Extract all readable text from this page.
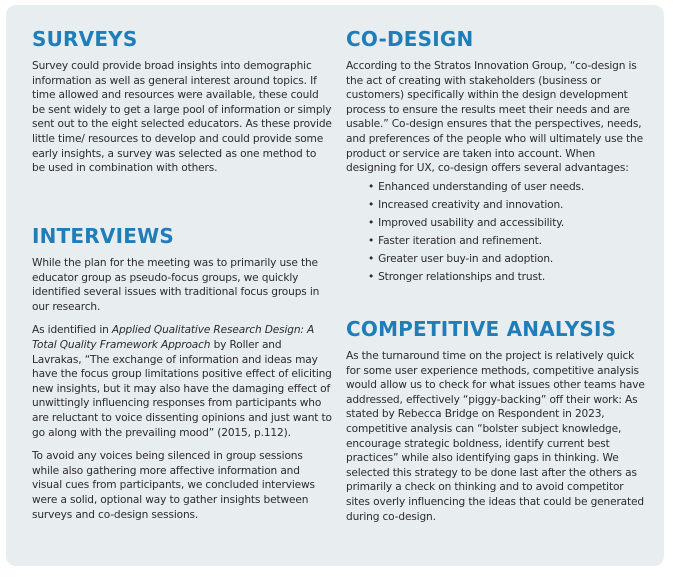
SURVEYS

Survey could provide broad insights into demographic information as well as general interest around topics. If time allowed and resources were available, these could be sent widely to get a large pool of information or simply sent out to the eight selected educators. As these provide little time/ resources to develop and could provide some early insights, a survey was selected as one method to be used in combination with others.

INTERVIEWS

While the plan for the meeting was to primarily use the educator group as pseudo-focus groups, we quickly identified several issues with traditional focus groups in our research.

As identified in Applied Qualitative Research Design: A Total Quality Framework Approach by Roller and Lavrakas, “The exchange of information and ideas may have the focus group limitations positive effect of eliciting new insights, but it may also have the damaging effect of unwittingly influencing responses from participants who are reluctant to voice dissenting opinions and just want to go along with the prevailing mood” (2015, p.112).

To avoid any voices being silenced in group sessions while also gathering more affective information and visual cues from participants, we concluded interviews were a solid, optional way to gather insights between surveys and co-design sessions.

CO-DESIGN

According to the Stratos Innovation Group, “co-design is the act of creating with stakeholders (business or customers) specifically within the design development process to ensure the results meet their needs and are usable.” Co-design ensures that the perspectives, needs, and preferences of the people who will ultimately use the product or service are taken into account. When designing for UX, co-design offers several advantages:

• Enhanced understanding of user needs.
• Increased creativity and innovation.
• Improved usability and accessibility.
• Faster iteration and refinement.
• Greater user buy-in and adoption.
• Stronger relationships and trust.
COMPETITIVE ANALYSIS

As the turnaround time on the project is relatively quick for some user experience methods, competitive analysis would allow us to check for what issues other teams have addressed, effectively “piggy-backing” off their work: As stated by Rebecca Bridge on Respondent in 2023, competitive analysis can “bolster subject knowledge, encourage strategic boldness, identify current best practices” while also identifying gaps in thinking. We selected this strategy to be done last after the others as primarily a check on thinking and to avoid competitor sites overly influencing the ideas that could be generated during co-design.
